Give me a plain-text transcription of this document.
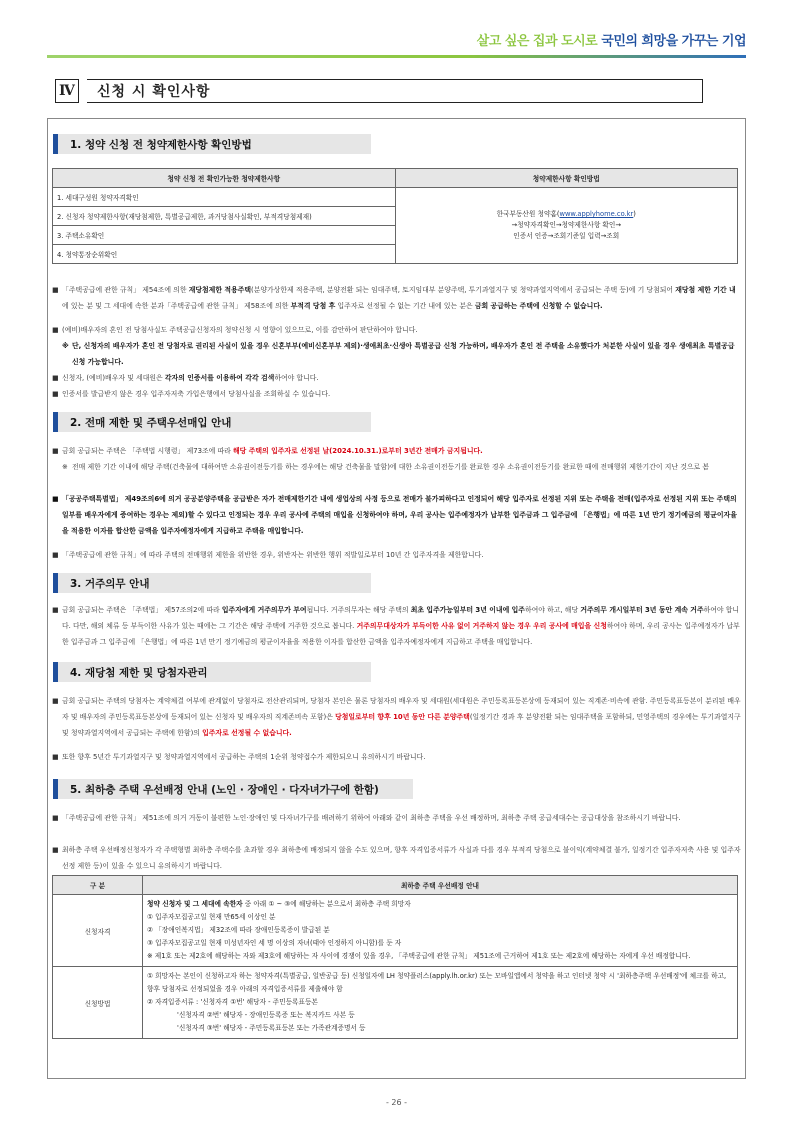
살고 싶은 집과 도시로 국민의 희망을 가꾸는 기업
Ⅳ	신청 시 확인사항
1. 청약 신청 전 청약제한사항 확인방법
청약 신청 전 확인가능한 청약제한사항	청약제한사항 확인방법
1. 세대구성원 청약자격확인	한국부동산원 청약홈(www.applyhome.co.kr)
→청약자격확인→청약제한사항 확인→
인증서 인증→조회기준일 입력→조회
2. 신청자 청약제한사항(재당첨제한, 특별공급제한, 과거당첨사실확인, 부적격당첨제재)	
3. 주택소유확인	
4. 청약통장순위확인	
■ 「주택공급에 관한 규칙」 제54조에 의한 재당첨제한 적용주택(분양가상한제 적용주택, 분양전환 되는 임대주택, 토지임대부 분양주택, 투기과열지구 및 청약과열지역에서 공급되는 주택 등)에 기 당첨되어 재당첨 제한 기간 내에 있는 분 및 그 세대에 속한 분과「주택공급에 관한 규칙」 제58조에 의한 부적격 당첨 후 입주자로 선정될 수 없는 기간 내에 있는 분은 금회 공급하는 주택에 신청할 수 없습니다.
■ (예비)배우자의 혼인 전 당첨사실도 주택공급신청자의 청약신청 시 영향이 있으므로, 이를 감안하여 판단하여야 합니다.
※ 단, 신청자의 배우자가 혼인 전 당첨자로 권리된 사실이 있을 경우 신혼부부(예비신혼부부 제외)·생애최초·신생아 특별공급 신청 가능하며, 배우자가 혼인 전 주택을 소유했다가 처분한 사실이 있을 경우 생애최초 특별공급 신청 가능합니다.
■ 신청자, (예비)배우자 및 세대원은 각자의 인증서를 이용하여 각각 검색하여야 합니다.
■ 인증서를 발급받지 않은 경우 입주자저축 가입은행에서 당첨사실을 조회하실 수 있습니다.
2. 전매 제한 및 주택우선매입 안내
■ 금회 공급되는 주택은 「주택법 시행령」 제73조에 따라 해당 주택의 입주자로 선정된 날(2024.10.31.)로부터 3년간 전매가 금지됩니다.
※ 전매 제한 기간 이내에 해당 주택(건축물에 대하여만 소유권이전등기를 하는 경우에는 해당 건축물을 말함)에 대한 소유권이전등기를 완료한 경우 소유권이전등기를 완료한 때에 전매행위 제한기간이 지난 것으로 봄
■ 「공공주택특별법」 제49조의6에 의거 공공분양주택을 공급받은 자가 전매제한기간 내에 생업상의 사정 등으로 전매가 불가피하다고 인정되어 해당 입주자로 선정된 지위 또는 주택을 전매(입주자로 선정된 지위 또는 주택의 일부를 배우자에게 증여하는 경우는 제외)할 수 있다고 인정되는 경우 우리 공사에 주택의 매입을 신청하여야 하며, 우리 공사는 입주예정자가 납부한 입주금과 그 입주금에 「은행법」에 따른 1년 만기 정기예금의 평균이자율을 적용한 이자를 합산한 금액을 입주자예정자에게 지급하고 주택을 매입합니다.
■ 「주택공급에 관한 규칙」에 따라 주택의 전매행위 제한을 위반한 경우, 위반자는 위반한 행위 적발일로부터 10년 간 입주자격을 제한합니다.
3. 거주의무 안내
■ 금회 공급되는 주택은 「주택법」 제57조의2에 따라 입주자에게 거주의무가 부여됩니다. 거주의무자는 해당 주택의 최초 입주가능일부터 3년 이내에 입주하여야 하고, 해당 거주의무 개시일부터 3년 동안 계속 거주하여야 합니다. 다만, 해외 체류 등 부득이한 사유가 있는 때에는 그 기간은 해당 주택에 거주한 것으로 봅니다. 거주의무대상자가 부득이한 사유 없이 거주하지 않는 경우 우리 공사에 매입을 신청하여야 하며, 우리 공사는 입주예정자가 납부한 입주금과 그 입주금에 「은행법」에 따른 1년 만기 정기예금의 평균이자율을 적용한 이자를 합산한 금액을 입주자예정자에게 지급하고 주택을 매입합니다.
4. 재당첨 제한 및 당첨자관리
■ 금회 공급되는 주택의 당첨자는 계약체결 여부에 관계없이 당첨자로 전산관리되며, 당첨자 본인은 물론 당첨자의 배우자 및 세대원(세대원은 주민등록표등본상에 등재되어 있는 직계존·비속에 관함. 주민등록표등본이 분리된 배우자 및 배우자의 주민등록표등본상에 등재되어 있는 신청자 및 배우자의 직계존비속 포함)은 당첨일로부터 향후 10년 동안 다른 분양주택(일정기간 경과 후 분양전환 되는 임대주택을 포함하되, 민영주택의 경우에는 투기과열지구 및 청약과열지역에서 공급되는 주택에 한함)의 입주자로 선정될 수 없습니다.
■ 또한 향후 5년간 투기과열지구 및 청약과열지역에서 공급하는 주택의 1순위 청약접수가 제한되오니 유의하시기 바랍니다.
5. 최하층 주택 우선배정 안내 (노인 · 장애인 · 다자녀가구에 한함)
■ 「주택공급에 관한 규칙」 제51조에 의거 거동이 불편한 노인·장애인 및 다자녀가구를 배려하기 위하여 아래와 같이 최하층 주택을 우선 배정하며, 최하층 주택 공급세대수는 공급대상을 참조하시기 바랍니다.
■ 최하층 주택 우선배정신청자가 각 주택형별 최하층 주택수를 초과할 경우 최하층에 배정되지 않을 수도 있으며, 향후 자격입증서류가 사실과 다를 경우 부적격 당첨으로 불이익(계약체결 불가, 일정기간 입주자저축 사용 및 입주자선정 제한 등)이 있을 수 있으니 유의하시기 바랍니다.
구 분	최하층 주택 우선배정 안내
신청자격	청약 신청자 및 그 세대에 속한자 중 아래 ① ~ ③에 해당하는 분으로서 최하층 주택 희망자
① 입주자모집공고일 현재 만65세 이상인 분
② 「장애인복지법」 제32조에 따라 장애인등록증이 발급된 분
③ 입주자모집공고일 현재 미성년자인 세 명 이상의 자녀(태아 인정하지 아니함)를 둔 자
※ 제1호 또는 제2호에 해당하는 자와 제3호에 해당하는 자 사이에 경쟁이 있을 경우, 「주택공급에 관한 규칙」 제51조에 근거하여 제1호 또는 제2호에 해당하는 자에게 우선 배정합니다.
신청방법	① 희망자는 본인이 신청하고자 하는 청약자격(특별공급, 일반공급 등) 신청일자에 LH 청약플러스(apply.lh.or.kr) 또는 모바일앱에서 청약을 하고 인터넷 청약 시 '최하층주택 우선배정'에 체크를 하고, 향후 당첨자로 선정되었을 경우 아래의 자격입증서류를 제출해야 함
② 자격입증서류 : '신청자격 ①번' 해당자 - 주민등록표등본
'신청자격 ②번' 해당자 - 장애인등록증 또는 복지카드 사본 등
'신청자격 ③번' 해당자 - 주민등록표등본 또는 가족관계증명서 등
- 26 -
